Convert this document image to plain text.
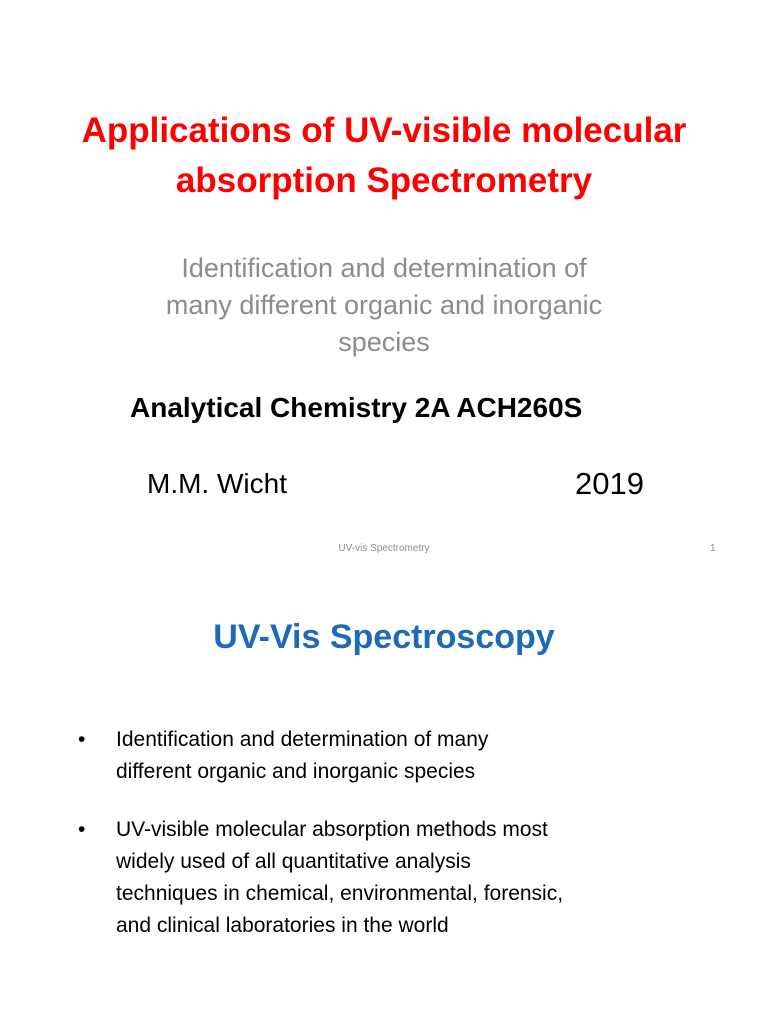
Applications of UV-visible molecular
absorption Spectrometry

Identification and determination of
many different organic and inorganic
species

Analytical Chemistry 2A ACH260S

M.M. Wicht	2019

UV-vis Spectrometry	1

UV-Vis Spectroscopy
• Identification and determination of many
different organic and inorganic species
• UV-visible molecular absorption methods most
widely used of all quantitative analysis
techniques in chemical, environmental, forensic,
and clinical laboratories in the world
